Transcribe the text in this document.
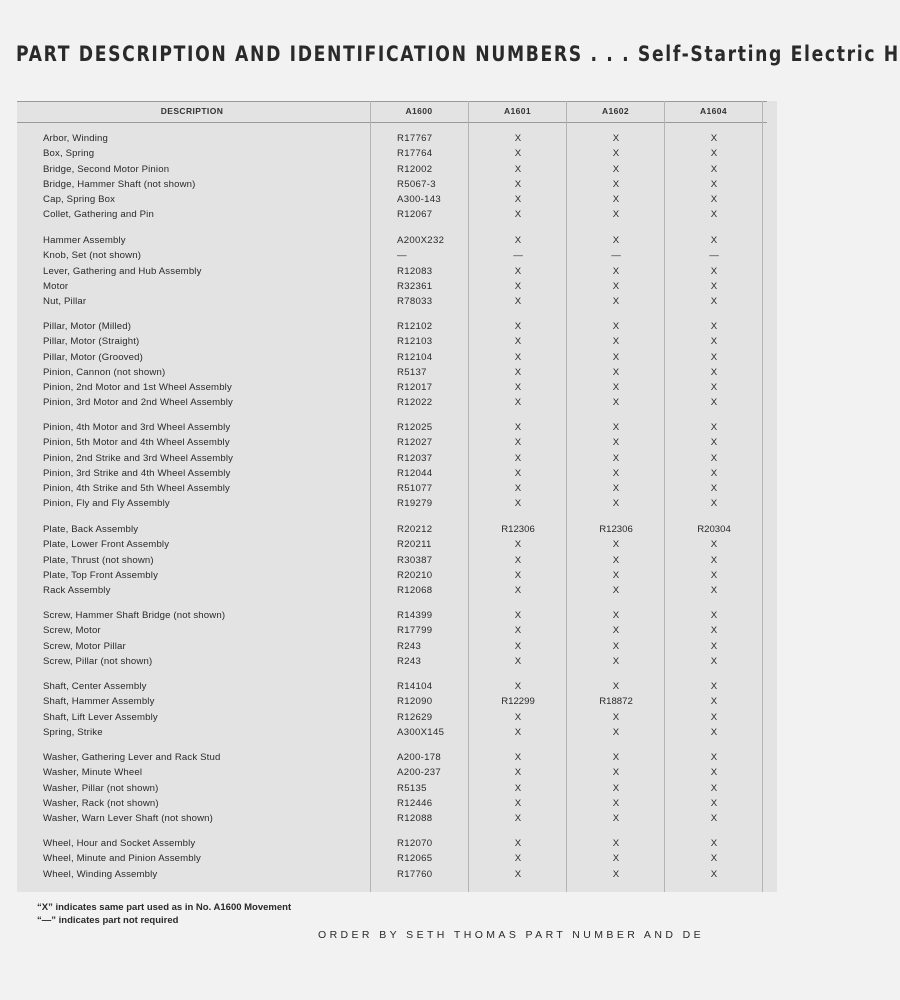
PART DESCRIPTION AND IDENTIFICATION NUMBERS . . . Self-Starting Electric H
DESCRIPTION	A1600	A1601	A1602	A1604
Arbor, Winding	R17767	X	X	X
Box, Spring	R17764	X	X	X
Bridge, Second Motor Pinion	R12002	X	X	X
Bridge, Hammer Shaft (not shown)	R5067-3	X	X	X
Cap, Spring Box	A300-143	X	X	X
Collet, Gathering and Pin	R12067	X	X	X
Hammer Assembly	A200X232	X	X	X
Knob, Set (not shown)	—	—	—	—
Lever, Gathering and Hub Assembly	R12083	X	X	X
Motor	R32361	X	X	X
Nut, Pillar	R78033	X	X	X
Pillar, Motor (Milled)	R12102	X	X	X
Pillar, Motor (Straight)	R12103	X	X	X
Pillar, Motor (Grooved)	R12104	X	X	X
Pinion, Cannon (not shown)	R5137	X	X	X
Pinion, 2nd Motor and 1st Wheel Assembly	R12017	X	X	X
Pinion, 3rd Motor and 2nd Wheel Assembly	R12022	X	X	X
Pinion, 4th Motor and 3rd Wheel Assembly	R12025	X	X	X
Pinion, 5th Motor and 4th Wheel Assembly	R12027	X	X	X
Pinion, 2nd Strike and 3rd Wheel Assembly	R12037	X	X	X
Pinion, 3rd Strike and 4th Wheel Assembly	R12044	X	X	X
Pinion, 4th Strike and 5th Wheel Assembly	R51077	X	X	X
Pinion, Fly and Fly Assembly	R19279	X	X	X
Plate, Back Assembly	R20212	R12306	R12306	R20304
Plate, Lower Front Assembly	R20211	X	X	X
Plate, Thrust (not shown)	R30387	X	X	X
Plate, Top Front Assembly	R20210	X	X	X
Rack Assembly	R12068	X	X	X
Screw, Hammer Shaft Bridge (not shown)	R14399	X	X	X
Screw, Motor	R17799	X	X	X
Screw, Motor Pillar	R243	X	X	X
Screw, Pillar (not shown)	R243	X	X	X
Shaft, Center Assembly	R14104	X	X	X
Shaft, Hammer Assembly	R12090	R12299	R18872	X
Shaft, Lift Lever Assembly	R12629	X	X	X
Spring, Strike	A300X145	X	X	X
Washer, Gathering Lever and Rack Stud	A200-178	X	X	X
Washer, Minute Wheel	A200-237	X	X	X
Washer, Pillar (not shown)	R5135	X	X	X
Washer, Rack (not shown)	R12446	X	X	X
Washer, Warn Lever Shaft (not shown)	R12088	X	X	X
Wheel, Hour and Socket Assembly	R12070	X	X	X
Wheel, Minute and Pinion Assembly	R12065	X	X	X
Wheel, Winding Assembly	R17760	X	X	X
“X” indicates same part used as in No. A1600 Movement
“—” indicates part not required
ORDER BY SETH THOMAS PART NUMBER AND DE
